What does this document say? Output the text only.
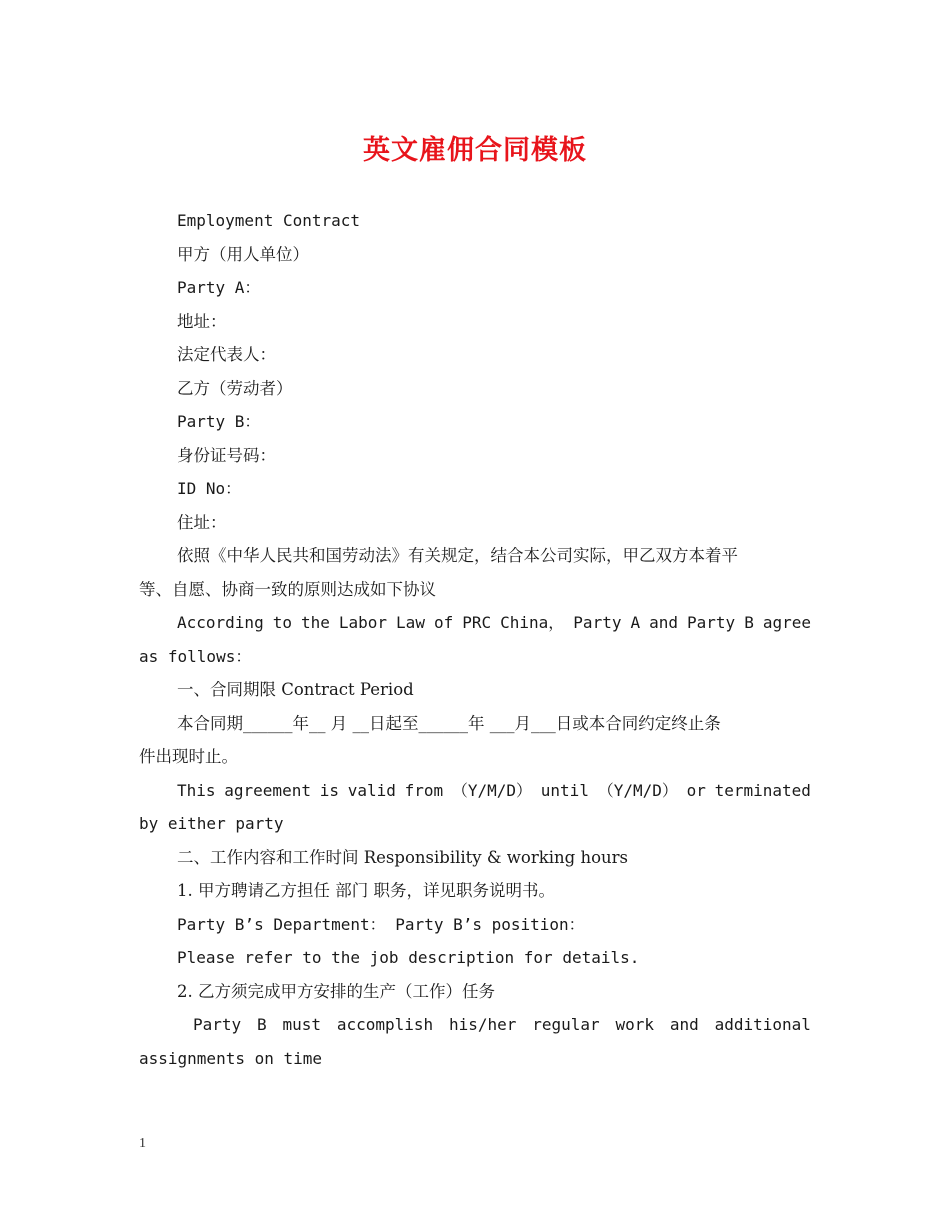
英文雇佣合同模板
Employment Contract
甲方（用人单位）
Party A：
地址：
法定代表人：
乙方（劳动者）
Party B：
身份证号码：
ID No：
住址：
依照《中华人民共和国劳动法》有关规定，结合本公司实际，甲乙双方本着平
等、自愿、协商一致的原则达成如下协议
According to the Labor Law of PRC China， Party A and Party B agree
as follows：
一、合同期限 Contract Period
本合同期______年__ 月 __日起至______年 ___月___日或本合同约定终止条
件出现时止。
This agreement is valid from （Y/M/D） until （Y/M/D） or terminated
by either party
二、工作内容和工作时间 Responsibility & working hours
1. 甲方聘请乙方担任 部门 职务，详见职务说明书。
Party B’s Department： Party B’s position：
Please refer to the job description for details.
2. 乙方须完成甲方安排的生产（工作）任务
Party B must accomplish his/her regular work and additional
assignments on time
1
